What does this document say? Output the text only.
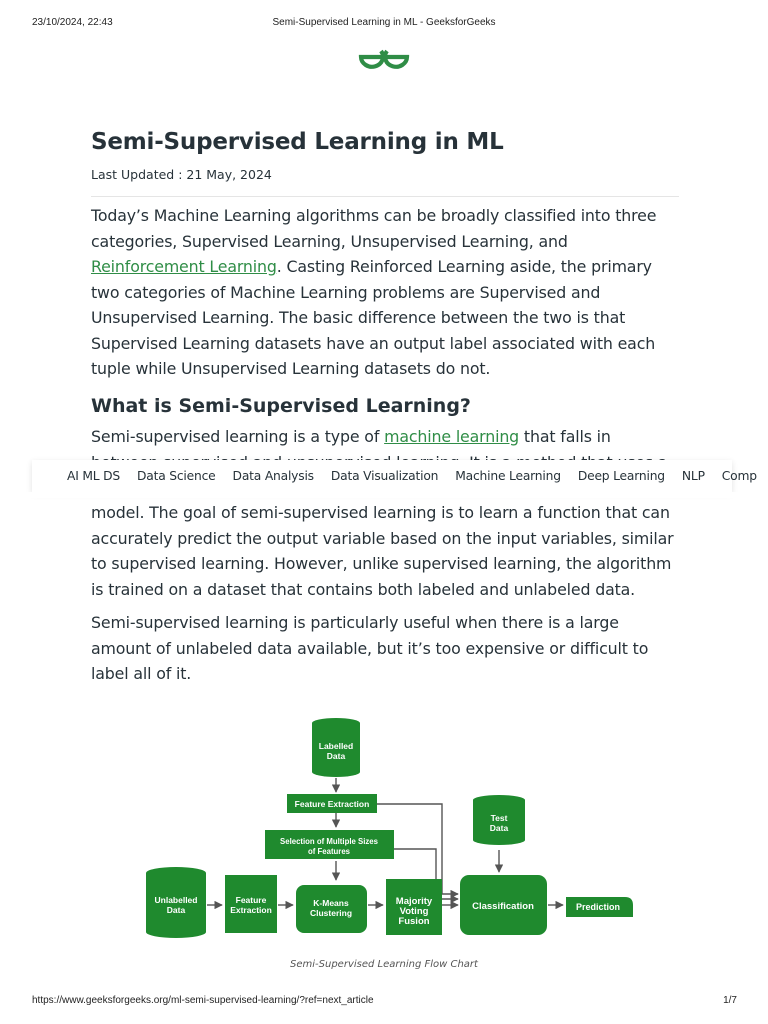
23/10/2024, 22:43	Semi-Supervised Learning in ML - GeeksforGeeks
Semi-Supervised Learning in ML
Last Updated : 21 May, 2024

Today’s Machine Learning algorithms can be broadly classified into three categories, Supervised Learning, Unsupervised Learning, and Reinforcement Learning. Casting Reinforced Learning aside, the primary two categories of Machine Learning problems are Supervised and Unsupervised Learning. The basic difference between the two is that Supervised Learning datasets have an output label associated with each tuple while Unsupervised Learning datasets do not.

What is Semi-Supervised Learning?

Semi-supervised learning is a type of machine learning that falls in

AI ML DS Data Science Data Analysis Data Visualization Machine Learning Deep Learning NLP Comp

model. The goal of semi-supervised learning is to learn a function that can accurately predict the output variable based on the input variables, similar to supervised learning. However, unlike supervised learning, the algorithm is trained on a dataset that contains both labeled and unlabeled data.

Semi-supervised learning is particularly useful when there is a large amount of unlabeled data available, but it’s too expensive or difficult to label all of it.

Labelled Data
Feature Extraction
Selection of Multiple Sizes of Features
Test Data
Unlabelled Data
Feature Extraction
K-Means Clustering
Majority Voting Fusion
Classification	Prediction
Semi-Supervised Learning Flow Chart
https://www.geeksforgeeks.org/ml-semi-supervised-learning/?ref=next_article	1/7
